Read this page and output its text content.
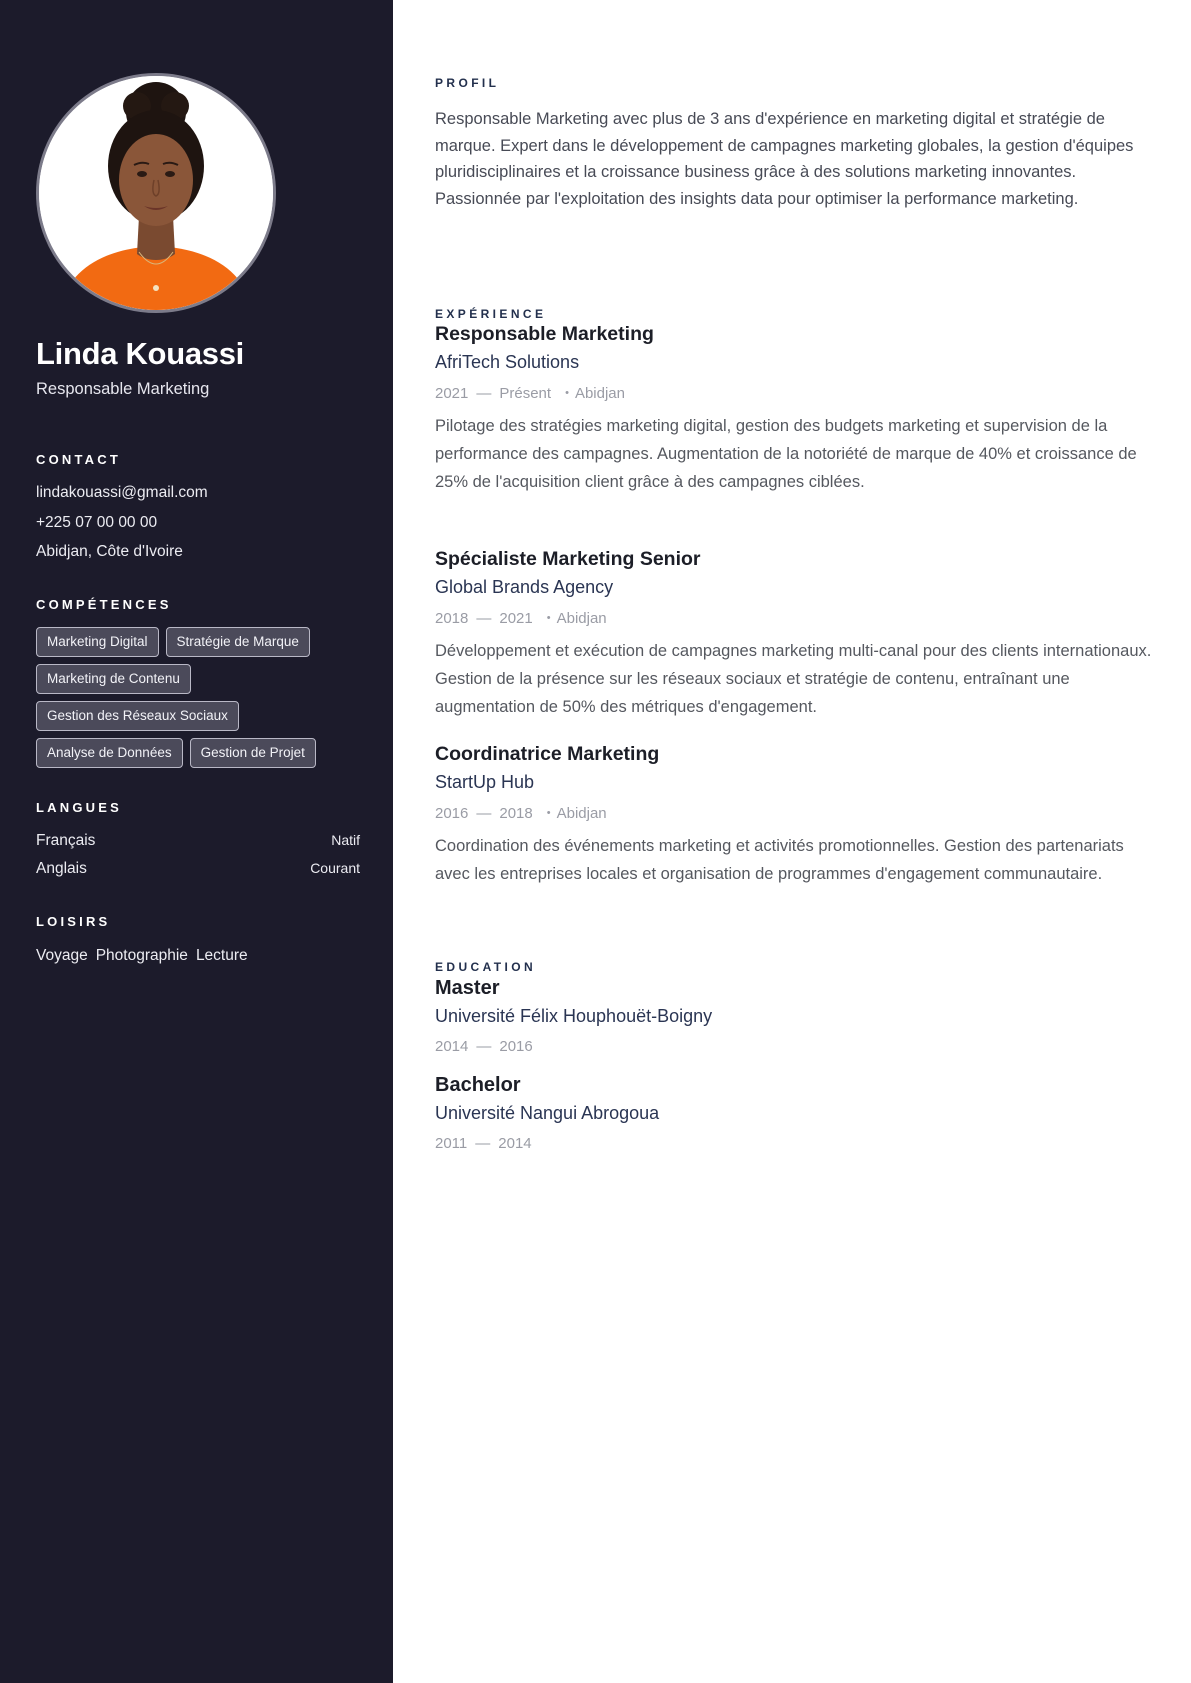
Linda Kouassi
Responsable Marketing
CONTACT
lindakouassi@gmail.com
+225 07 00 00 00
Abidjan, Côte d'Ivoire
COMPÉTENCES
Marketing Digital	Stratégie de Marque
Marketing de Contenu
Gestion des Réseaux Sociaux
Analyse de Données	Gestion de Projet
LANGUES
Français	Natif
Anglais	Courant
LOISIRS
Voyage Photographie Lecture
PROFIL

Responsable Marketing avec plus de 3 ans d'expérience en marketing digital et stratégie de marque. Expert dans le développement de campagnes marketing globales, la gestion d'équipes pluridisciplinaires et la croissance business grâce à des solutions marketing innovantes. Passionnée par l'exploitation des insights data pour optimiser la performance marketing.

EXPÉRIENCE
Responsable Marketing
AfriTech Solutions
2021 — Présent • Abidjan

Pilotage des stratégies marketing digital, gestion des budgets marketing et supervision de la performance des campagnes. Augmentation de la notoriété de marque de 40% et croissance de 25% de l'acquisition client grâce à des campagnes ciblées.

Spécialiste Marketing Senior
Global Brands Agency
2018 — 2021 • Abidjan

Développement et exécution de campagnes marketing multi-canal pour des clients internationaux. Gestion de la présence sur les réseaux sociaux et stratégie de contenu, entraînant une augmentation de 50% des métriques d'engagement.

Coordinatrice Marketing
StartUp Hub
2016 — 2018 • Abidjan

Coordination des événements marketing et activités promotionnelles. Gestion des partenariats avec les entreprises locales et organisation de programmes d'engagement communautaire.

EDUCATION
Master
Université Félix Houphouët-Boigny
2014 — 2016
Bachelor
Université Nangui Abrogoua
2011 — 2014
